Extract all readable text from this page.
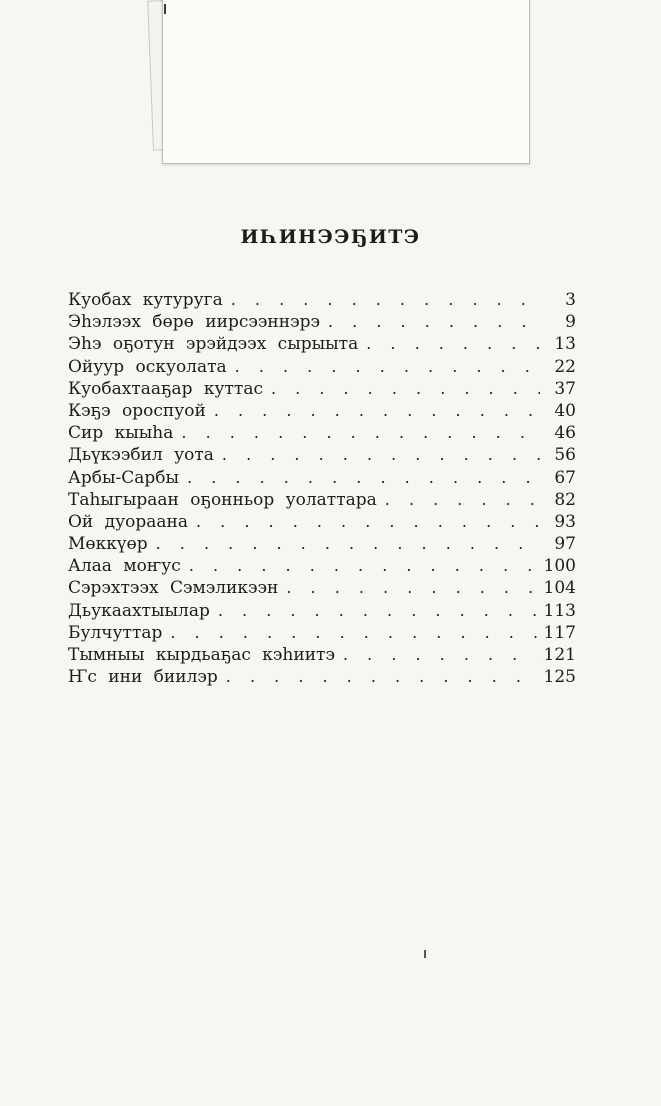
ИҺИНЭЭҔИТЭ
Куобах кутуруга . . .	3
Эһэлээх бөрө иирсээннэрэ . . .	9
Эһэ оҕотун эрэйдээх сырыыта . . .	13
Ойуур оскуолата . . .	22
Куобахтааҕар куттас . . .	37
Кэҕэ ороспуой . . .	40
Сир кыыһа . . .	46
Дьүкээбил уота . . .	56
Арбы-Сарбы . . .	67
Таһыгыраан оҕонньор уолаттара . . .	82
Ой дуораана . . .	93
Мөккүөр . . .	97
Алаа моҥус . . .	100
Сэрэхтээх Сэмэликээн . . .	104
Дьукаахтыылар . . .	113
Булчуттар . . .	117
Тымныы кырдьаҕас кэһиитэ . . .	121
Ҥс ини биилэр . . .	125
